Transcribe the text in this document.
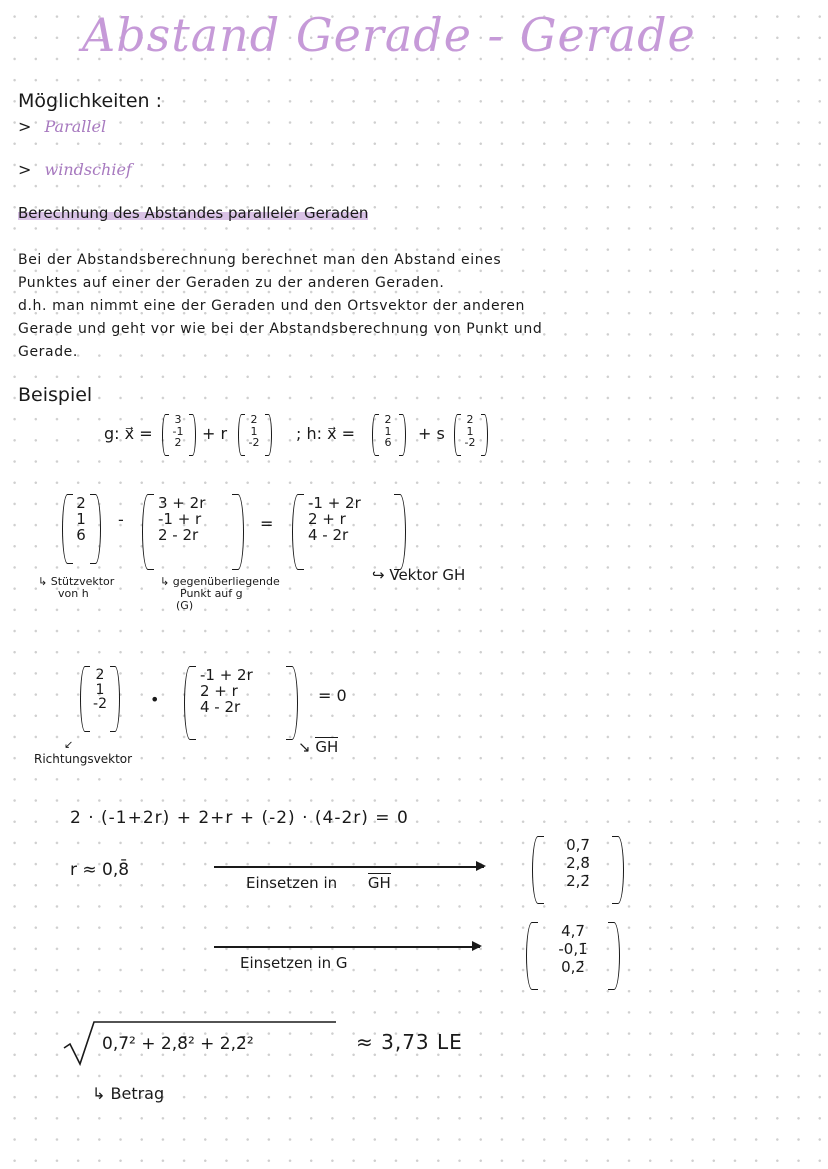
Abstand Gerade - Gerade
Möglichkeiten :
> Parallel
> windschief
Berechnung des Abstandes paralleler Geraden
Bei der Abstandsberechnung berechnet man den Abstand eines
Punktes auf einer der Geraden zu der anderen Geraden.
d.h. man nimmt eine der Geraden und den Ortsvektor der anderen
Gerade und geht vor wie bei der Abstandsberechnung von Punkt und
Gerade.
Beispiel
g: x⃗ =
3
-1
2	+ r
2
1
-2	; h: x⃗ =
2
1
6	+ s
2
1
-2
2
1
6
-
3 + 2r
-1 + r
2 - 2r
=
-1 + 2r
2 + r
4 - 2r
↳ Stützvektor
von h
↳ gegenüberliegende
Punkt auf g
(G)
↪ Vektor GH
2
1
-2	•
-1 + 2r
2 + r
4 - 2r
= 0
↘ GH
↙
Richtungsvektor
2 · (-1+2r) + 2+r + (-2) · (4-2r) = 0
r ≈ 0,8̄
Einsetzen in GH
0,7̄
2,8̄
2,2̄
Einsetzen in G
4,7̄
-0,1̄
0,2̄
0,7̄² + 2,8̄² + 2,2̄²	≈ 3,73 LE
↳ Betrag
